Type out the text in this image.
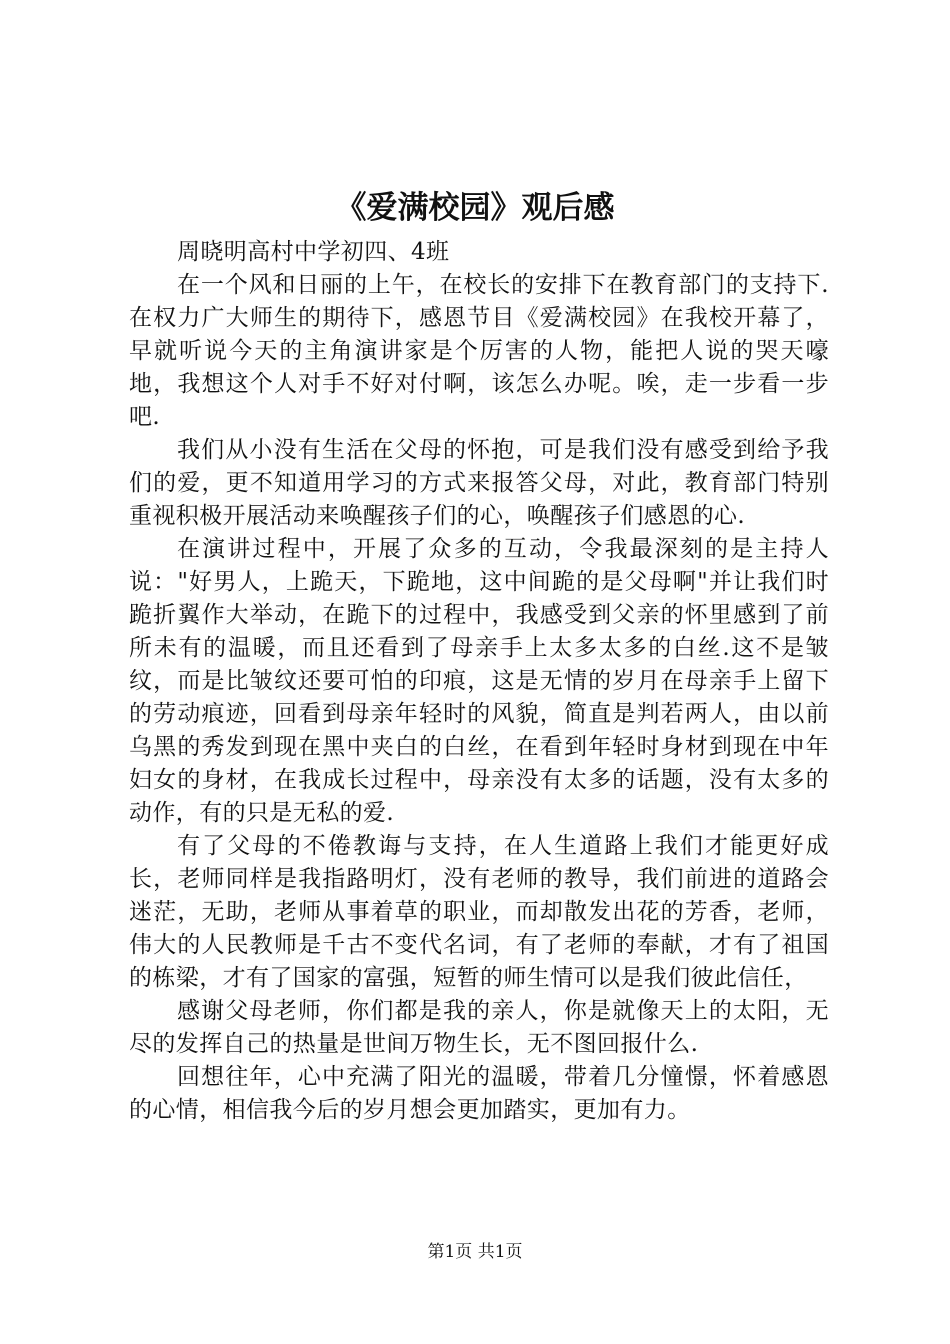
《爱满校园》观后感

周晓明高村中学初四、4班

在一个风和日丽的上午，在校长的安排下在教育部门的支持下.在权力广大师生的期待下，感恩节目《爱满校园》在我校开幕了，早就听说今天的主角演讲家是个厉害的人物，能把人说的哭天嚎地，我想这个人对手不好对付啊，该怎么办呢。唉，走一步看一步吧.

我们从小没有生活在父母的怀抱，可是我们没有感受到给予我们的爱，更不知道用学习的方式来报答父母，对此，教育部门特别重视积极开展活动来唤醒孩子们的心，唤醒孩子们感恩的心.

在演讲过程中，开展了众多的互动，令我最深刻的是主持人说："好男人，上跪天，下跪地，这中间跪的是父母啊"并让我们时跪折翼作大举动，在跪下的过程中，我感受到父亲的怀里感到了前所未有的温暖，而且还看到了母亲手上太多太多的白丝.这不是皱纹，而是比皱纹还要可怕的印痕，这是无情的岁月在母亲手上留下的劳动痕迹，回看到母亲年轻时的风貌，简直是判若两人，由以前乌黑的秀发到现在黑中夹白的白丝，在看到年轻时身材到现在中年妇女的身材，在我成长过程中，母亲没有太多的话题，没有太多的动作，有的只是无私的爱.

有了父母的不倦教诲与支持，在人生道路上我们才能更好成长，老师同样是我指路明灯，没有老师的教导，我们前进的道路会迷茫，无助，老师从事着草的职业，而却散发出花的芳香，老师，伟大的人民教师是千古不变代名词，有了老师的奉献，才有了祖国的栋梁，才有了国家的富强，短暂的师生情可以是我们彼此信任，

感谢父母老师，你们都是我的亲人，你是就像天上的太阳，无尽的发挥自己的热量是世间万物生长，无不图回报什么.

回想往年，心中充满了阳光的温暖，带着几分憧憬，怀着感恩的心情，相信我今后的岁月想会更加踏实，更加有力。

第1页 共1页
